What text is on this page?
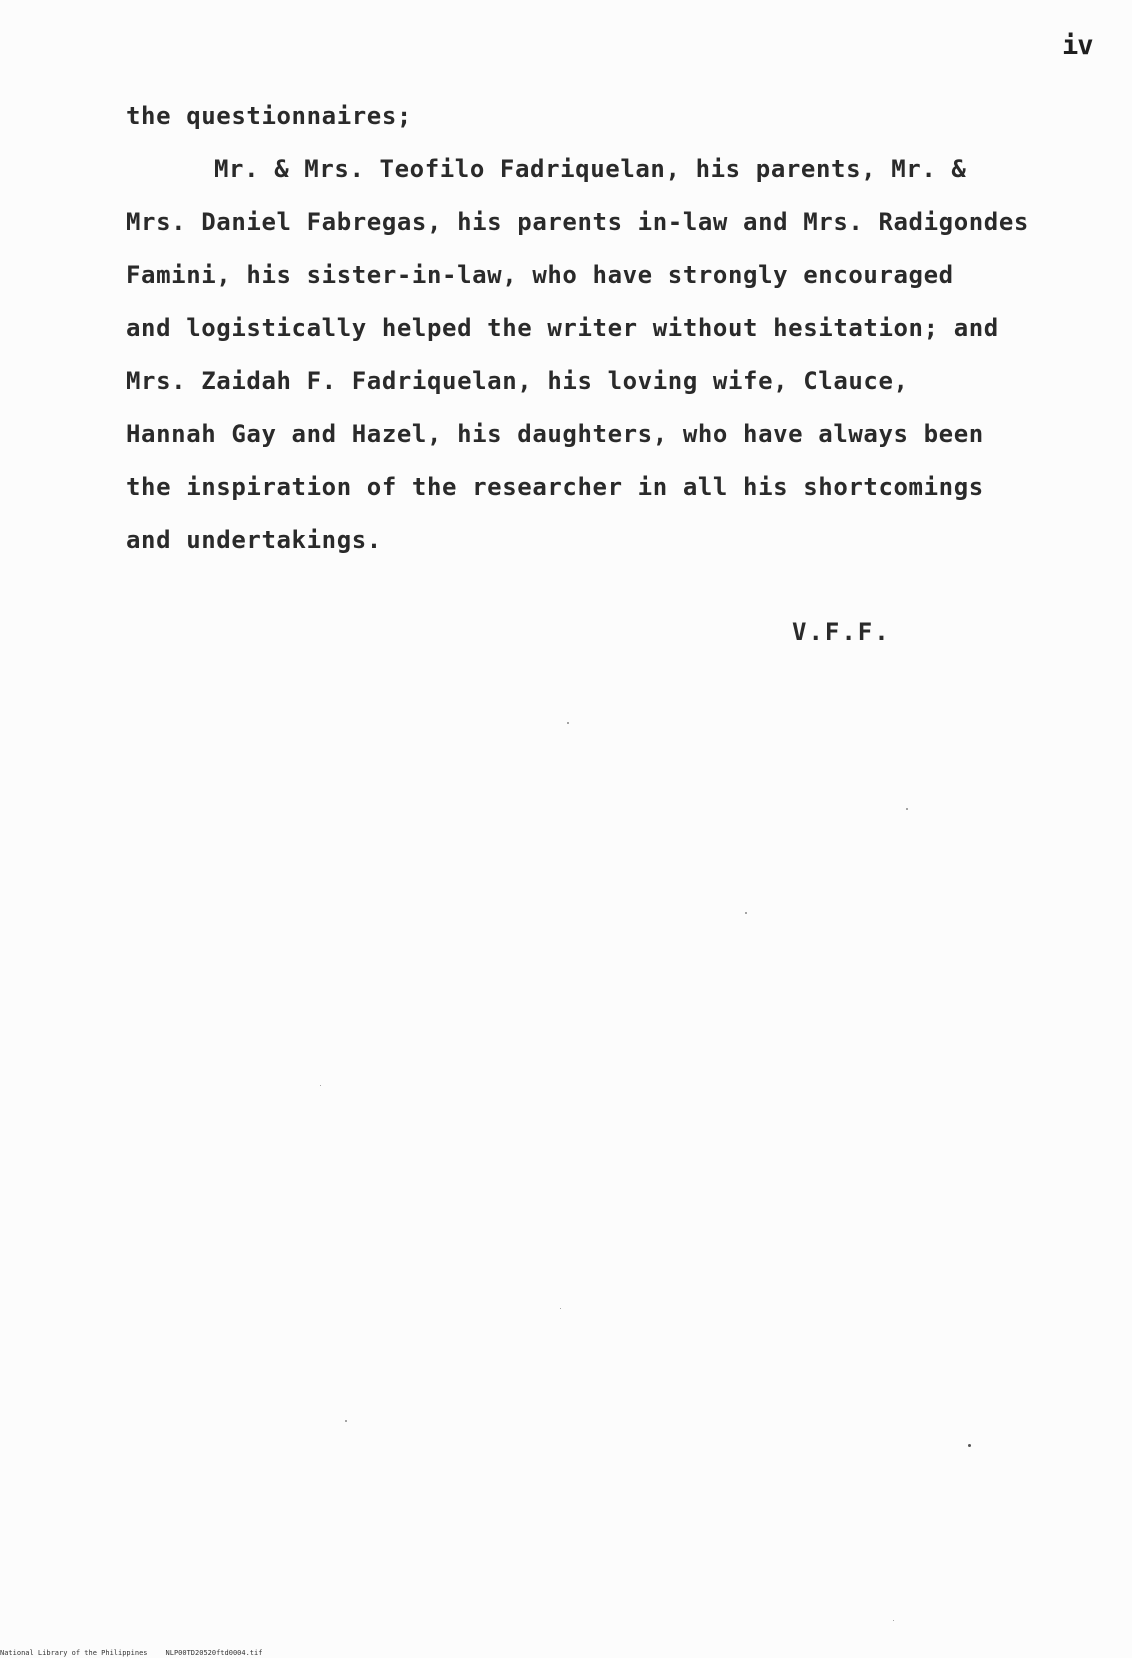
iv
the questionnaires;
Mr. & Mrs. Teofilo Fadriquelan, his parents, Mr. &
Mrs. Daniel Fabregas, his parents in-law and Mrs. Radigondes
Famini, his sister-in-law, who have strongly encouraged
and logistically helped the writer without hesitation; and
Mrs. Zaidah F. Fadriquelan, his loving wife, Clauce,
Hannah Gay and Hazel, his daughters, who have always been
the inspiration of the researcher in all his shortcomings
and undertakings.
V.F.F.
National Library of the Philippines	NLP00TD20520ftd0004.tif
